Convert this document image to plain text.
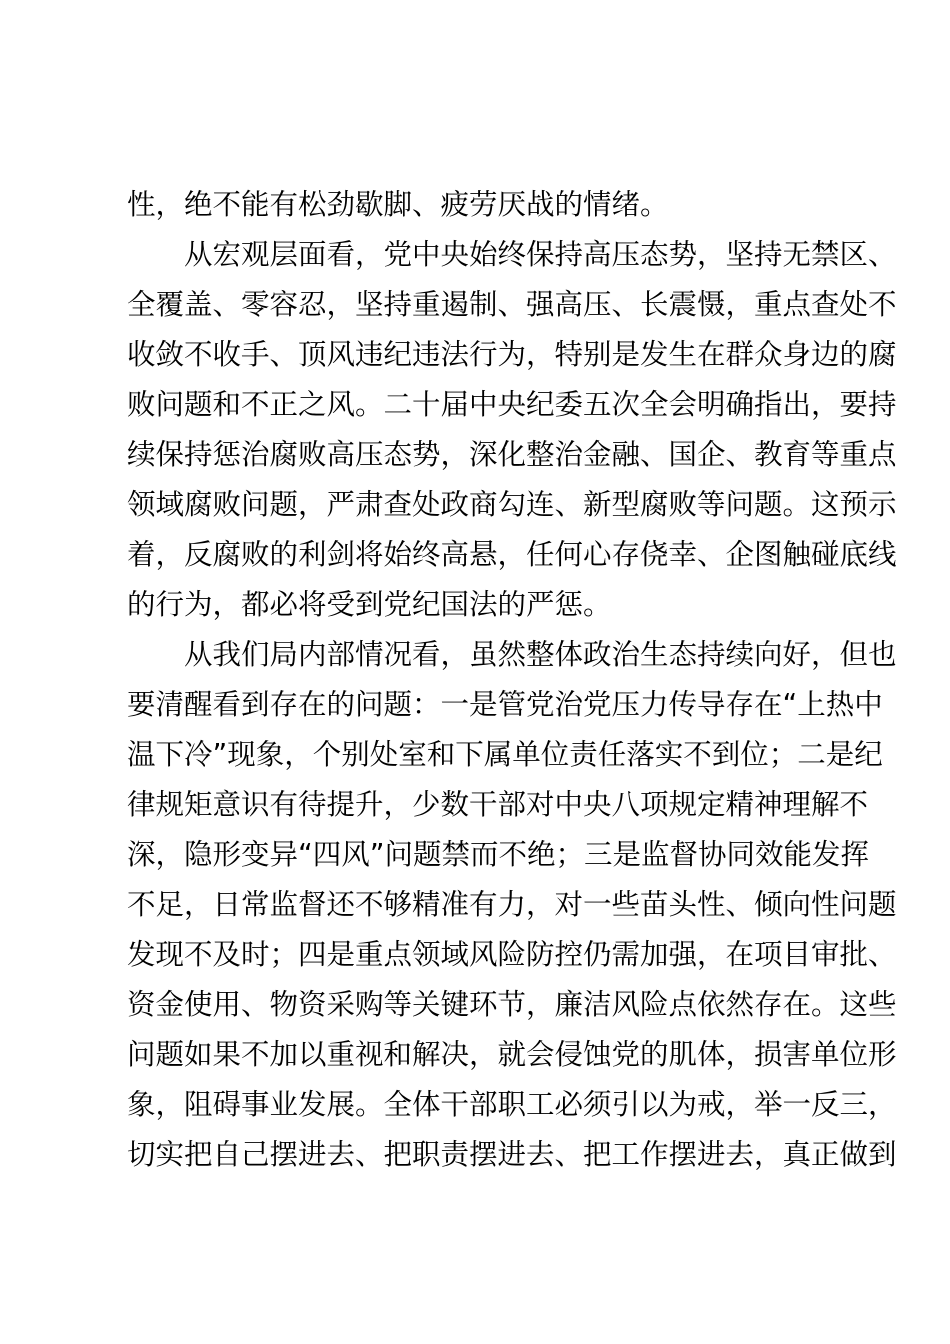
性，绝不能有松劲歇脚、疲劳厌战的情绪。
从宏观层面看，党中央始终保持高压态势，坚持无禁区、
全覆盖、零容忍，坚持重遏制、强高压、长震慑，重点查处不
收敛不收手、顶风违纪违法行为，特别是发生在群众身边的腐
败问题和不正之风。二十届中央纪委五次全会明确指出，要持
续保持惩治腐败高压态势，深化整治金融、国企、教育等重点
领域腐败问题，严肃查处政商勾连、新型腐败等问题。这预示
着，反腐败的利剑将始终高悬，任何心存侥幸、企图触碰底线
的行为，都必将受到党纪国法的严惩。
从我们局内部情况看，虽然整体政治生态持续向好，但也
要清醒看到存在的问题：一是管党治党压力传导存在“上热中
温下冷”现象，个别处室和下属单位责任落实不到位；二是纪
律规矩意识有待提升，少数干部对中央八项规定精神理解不
深，隐形变异“四风”问题禁而不绝；三是监督协同效能发挥
不足，日常监督还不够精准有力，对一些苗头性、倾向性问题
发现不及时；四是重点领域风险防控仍需加强，在项目审批、
资金使用、物资采购等关键环节，廉洁风险点依然存在。这些
问题如果不加以重视和解决，就会侵蚀党的肌体，损害单位形
象，阻碍事业发展。全体干部职工必须引以为戒，举一反三，
切实把自己摆进去、把职责摆进去、把工作摆进去，真正做到
